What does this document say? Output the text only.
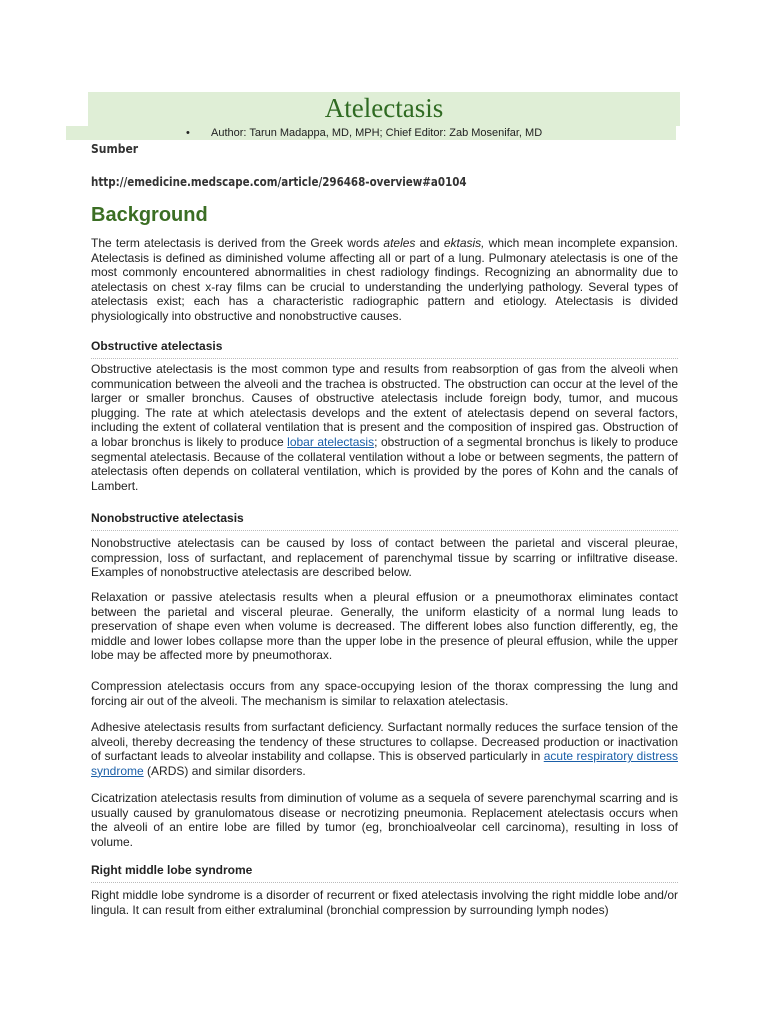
Atelectasis
• Author: Tarun Madappa, MD, MPH; Chief Editor: Zab Mosenifar, MD
Sumber
http://emedicine.medscape.com/article/296468-overview#a0104
Background
The term atelectasis is derived from the Greek words ateles and ektasis, which mean incomplete expansion. Atelectasis is defined as diminished volume affecting all or part of a lung. Pulmonary atelectasis is one of the most commonly encountered abnormalities in chest radiology findings. Recognizing an abnormality due to atelectasis on chest x-ray films can be crucial to understanding the underlying pathology. Several types of atelectasis exist; each has a characteristic radiographic pattern and etiology. Atelectasis is divided physiologically into obstructive and nonobstructive causes.
Obstructive atelectasis
Obstructive atelectasis is the most common type and results from reabsorption of gas from the alveoli when communication between the alveoli and the trachea is obstructed. The obstruction can occur at the level of the larger or smaller bronchus. Causes of obstructive atelectasis include foreign body, tumor, and mucous plugging. The rate at which atelectasis develops and the extent of atelectasis depend on several factors, including the extent of collateral ventilation that is present and the composition of inspired gas. Obstruction of a lobar bronchus is likely to produce lobar atelectasis; obstruction of a segmental bronchus is likely to produce segmental atelectasis. Because of the collateral ventilation without a lobe or between segments, the pattern of atelectasis often depends on collateral ventilation, which is provided by the pores of Kohn and the canals of Lambert.
Nonobstructive atelectasis
Nonobstructive atelectasis can be caused by loss of contact between the parietal and visceral pleurae, compression, loss of surfactant, and replacement of parenchymal tissue by scarring or infiltrative disease. Examples of nonobstructive atelectasis are described below.
Relaxation or passive atelectasis results when a pleural effusion or a pneumothorax eliminates contact between the parietal and visceral pleurae. Generally, the uniform elasticity of a normal lung leads to preservation of shape even when volume is decreased. The different lobes also function differently, eg, the middle and lower lobes collapse more than the upper lobe in the presence of pleural effusion, while the upper lobe may be affected more by pneumothorax.
Compression atelectasis occurs from any space-occupying lesion of the thorax compressing the lung and forcing air out of the alveoli. The mechanism is similar to relaxation atelectasis.
Adhesive atelectasis results from surfactant deficiency. Surfactant normally reduces the surface tension of the alveoli, thereby decreasing the tendency of these structures to collapse. Decreased production or inactivation of surfactant leads to alveolar instability and collapse. This is observed particularly in acute respiratory distress syndrome (ARDS) and similar disorders.
Cicatrization atelectasis results from diminution of volume as a sequela of severe parenchymal scarring and is usually caused by granulomatous disease or necrotizing pneumonia. Replacement atelectasis occurs when the alveoli of an entire lobe are filled by tumor (eg, bronchioalveolar cell carcinoma), resulting in loss of volume.
Right middle lobe syndrome
Right middle lobe syndrome is a disorder of recurrent or fixed atelectasis involving the right middle lobe and/or lingula. It can result from either extraluminal (bronchial compression by surrounding lymph nodes)
